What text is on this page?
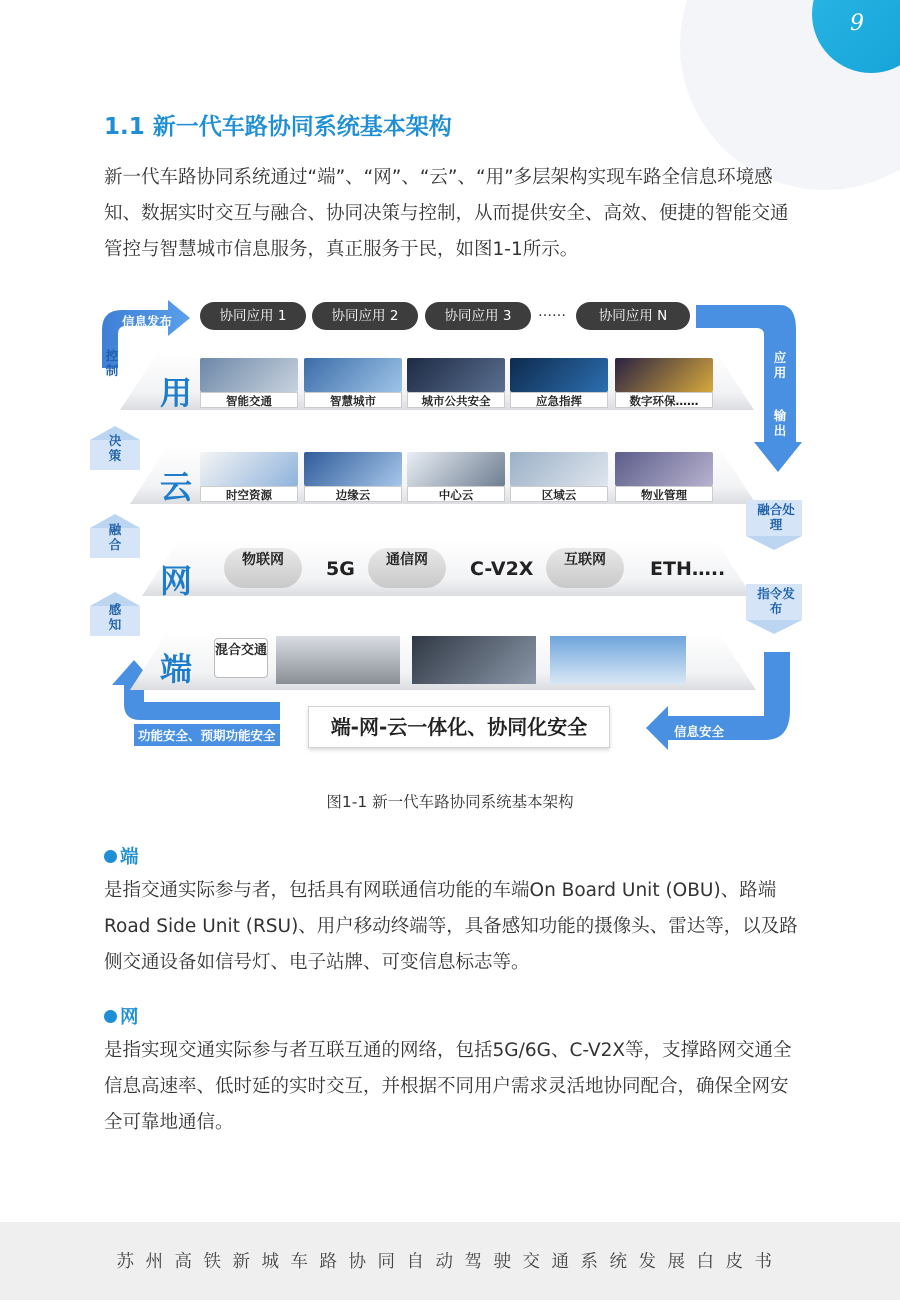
9
1.1 新一代车路协同系统基本架构

新一代车路协同系统通过“端”、“网”、“云”、“用”多层架构实现车路全信息环境感知、数据实时交互与融合、协同决策与控制，从而提供安全、高效、便捷的智能交通管控与智慧城市信息服务，真正服务于民，如图1-1所示。

协同应用 1	协同应用 2	协同应用 3	……	协同应用 N
用	智能交通	智慧城市	城市公共安全	应急指挥	数字环保……
云	时空资源	边缘云	中心云	区域云	物业管理
网
物联网	5G	通信网	C-V2X	互联网	ETH…..
端 混合交通
信息发布
控制
决策
融合
感知
功能安全、预期功能安全
应用
输出
融合处理
指令发布
信息安全
端-网-云一体化、协同化安全
图1-1 新一代车路协同系统基本架构
端

是指交通实际参与者，包括具有网联通信功能的车端On Board Unit (OBU)、路端Road Side Unit (RSU)、用户移动终端等，具备感知功能的摄像头、雷达等，以及路侧交通设备如信号灯、电子站牌、可变信息标志等。

网

是指实现交通实际参与者互联互通的网络，包括5G/6G、C-V2X等，支撑路网交通全信息高速率、低时延的实时交互，并根据不同用户需求灵活地协同配合，确保全网安全可靠地通信。

苏州高铁新城车路协同自动驾驶交通系统发展白皮书
